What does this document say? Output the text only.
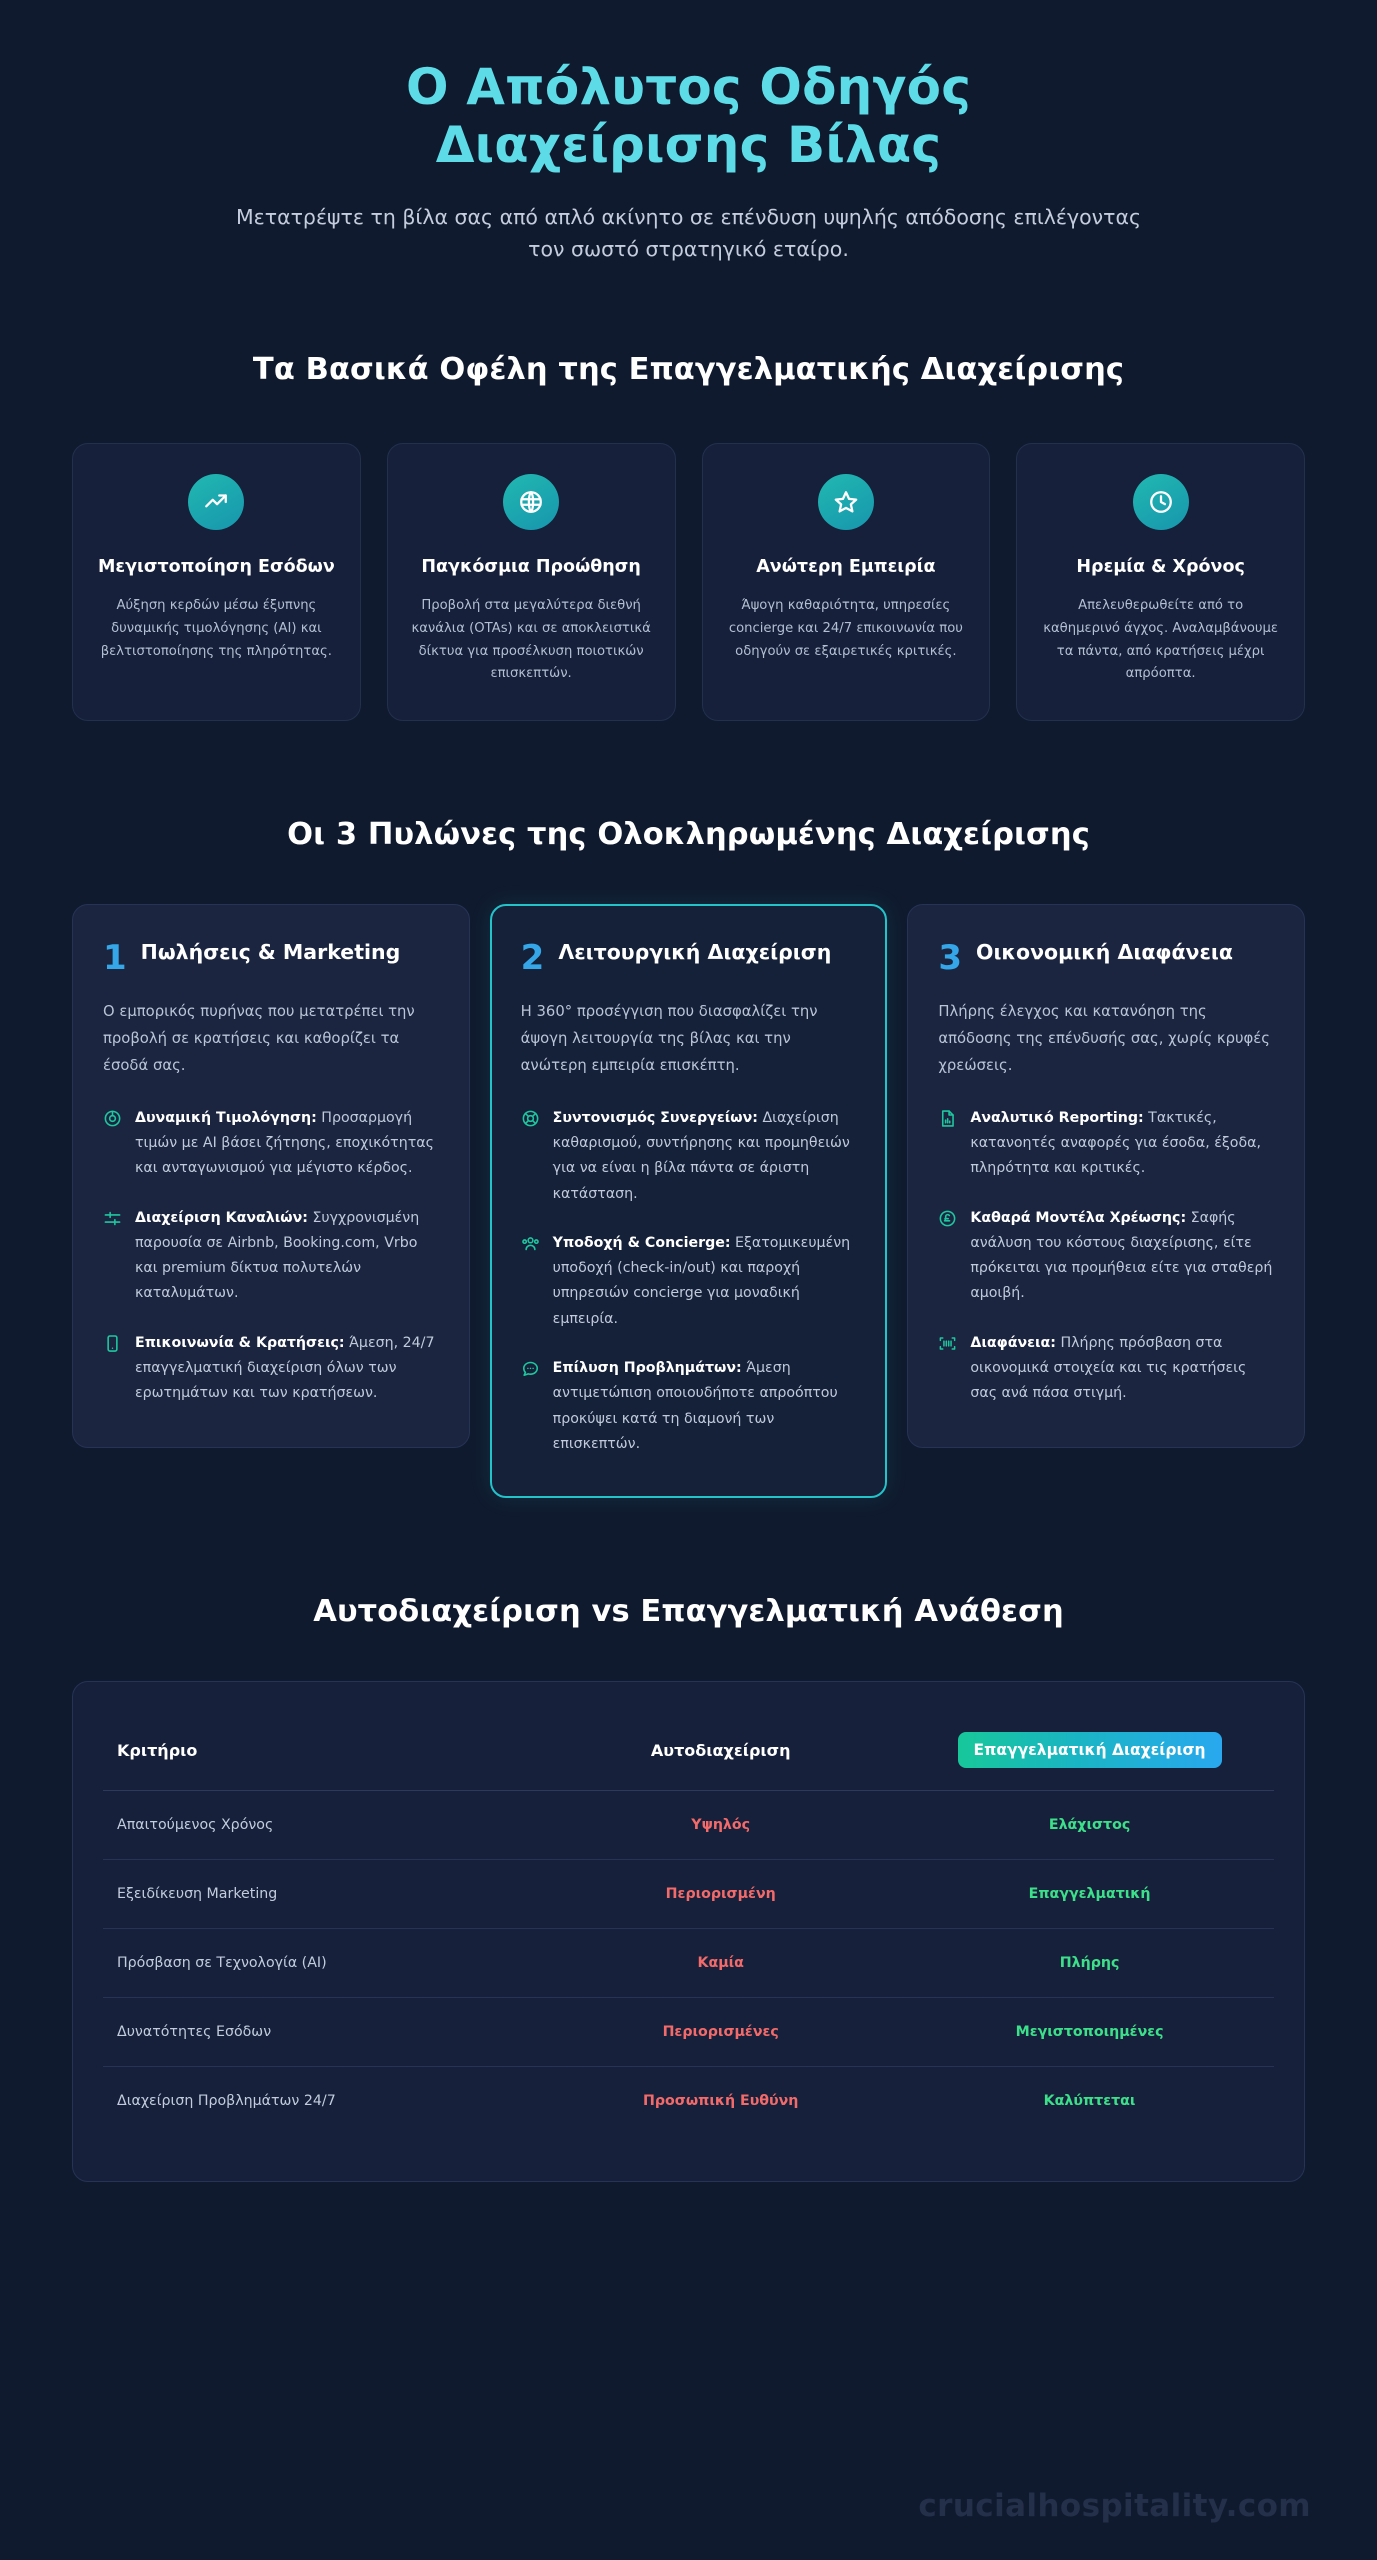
Ο Απόλυτος Οδηγός
Διαχείρισης Βίλας

Μετατρέψτε τη βίλα σας από απλό ακίνητο σε επένδυση υψηλής απόδοσης επιλέγοντας τον σωστό στρατηγικό εταίρο.

Τα Βασικά Οφέλη της Επαγγελματικής Διαχείρισης
Μεγιστοποίηση Εσόδων
Αύξηση κερδών μέσω έξυπνης δυναμικής τιμολόγησης (AI) και βελτιστοποίησης της πληρότητας.
Παγκόσμια Προώθηση
Προβολή στα μεγαλύτερα διεθνή κανάλια (OTAs) και σε αποκλειστικά δίκτυα για προσέλκυση ποιοτικών επισκεπτών.
Ανώτερη Εμπειρία
Άψογη καθαριότητα, υπηρεσίες concierge και 24/7 επικοινωνία που οδηγούν σε εξαιρετικές κριτικές.
Ηρεμία & Χρόνος
Απελευθερωθείτε από το καθημερινό άγχος. Αναλαμβάνουμε τα πάντα, από κρατήσεις μέχρι απρόοπτα.
Οι 3 Πυλώνες της Ολοκληρωμένης Διαχείρισης
1 Πωλήσεις & Marketing

Ο εμπορικός πυρήνας που μετατρέπει την προβολή σε κρατήσεις και καθορίζει τα έσοδά σας.

Δυναμική Τιμολόγηση: Προσαρμογή τιμών με AI βάσει ζήτησης, εποχικότητας και ανταγωνισμού για μέγιστο κέρδος.
Διαχείριση Καναλιών: Συγχρονισμένη παρουσία σε Airbnb, Booking.com, Vrbo και premium δίκτυα πολυτελών καταλυμάτων.
Επικοινωνία & Κρατήσεις: Άμεση, 24/7 επαγγελματική διαχείριση όλων των ερωτημάτων και των κρατήσεων.
2 Λειτουργική Διαχείριση

Η 360° προσέγγιση που διασφαλίζει την άψογη λειτουργία της βίλας και την ανώτερη εμπειρία επισκέπτη.

Συντονισμός Συνεργείων: Διαχείριση καθαρισμού, συντήρησης και προμηθειών για να είναι η βίλα πάντα σε άριστη κατάσταση.
Υποδοχή & Concierge: Εξατομικευμένη υποδοχή (check-in/out) και παροχή υπηρεσιών concierge για μοναδική εμπειρία.
Επίλυση Προβλημάτων: Άμεση αντιμετώπιση οποιουδήποτε απροόπτου προκύψει κατά τη διαμονή των επισκεπτών.
3 Οικονομική Διαφάνεια

Πλήρης έλεγχος και κατανόηση της απόδοσης της επένδυσής σας, χωρίς κρυφές χρεώσεις.

Αναλυτικό Reporting: Τακτικές, κατανοητές αναφορές για έσοδα, έξοδα, πληρότητα και κριτικές.
Καθαρά Μοντέλα Χρέωσης: Σαφής ανάλυση του κόστους διαχείρισης, είτε πρόκειται για προμήθεια είτε για σταθερή αμοιβή.
Διαφάνεια: Πλήρης πρόσβαση στα οικονομικά στοιχεία και τις κρατήσεις σας ανά πάσα στιγμή.
Αυτοδιαχείριση vs Επαγγελματική Ανάθεση
Κριτήριο	Αυτοδιαχείριση	Επαγγελματική Διαχείριση
Απαιτούμενος Χρόνος	Υψηλός	Ελάχιστος
Εξειδίκευση Marketing	Περιορισμένη	Επαγγελματική
Πρόσβαση σε Τεχνολογία (AI)	Καμία	Πλήρης
Δυνατότητες Εσόδων	Περιορισμένες	Μεγιστοποιημένες
Διαχείριση Προβλημάτων 24/7	Προσωπική Ευθύνη	Καλύπτεται
crucialhospitality.com
